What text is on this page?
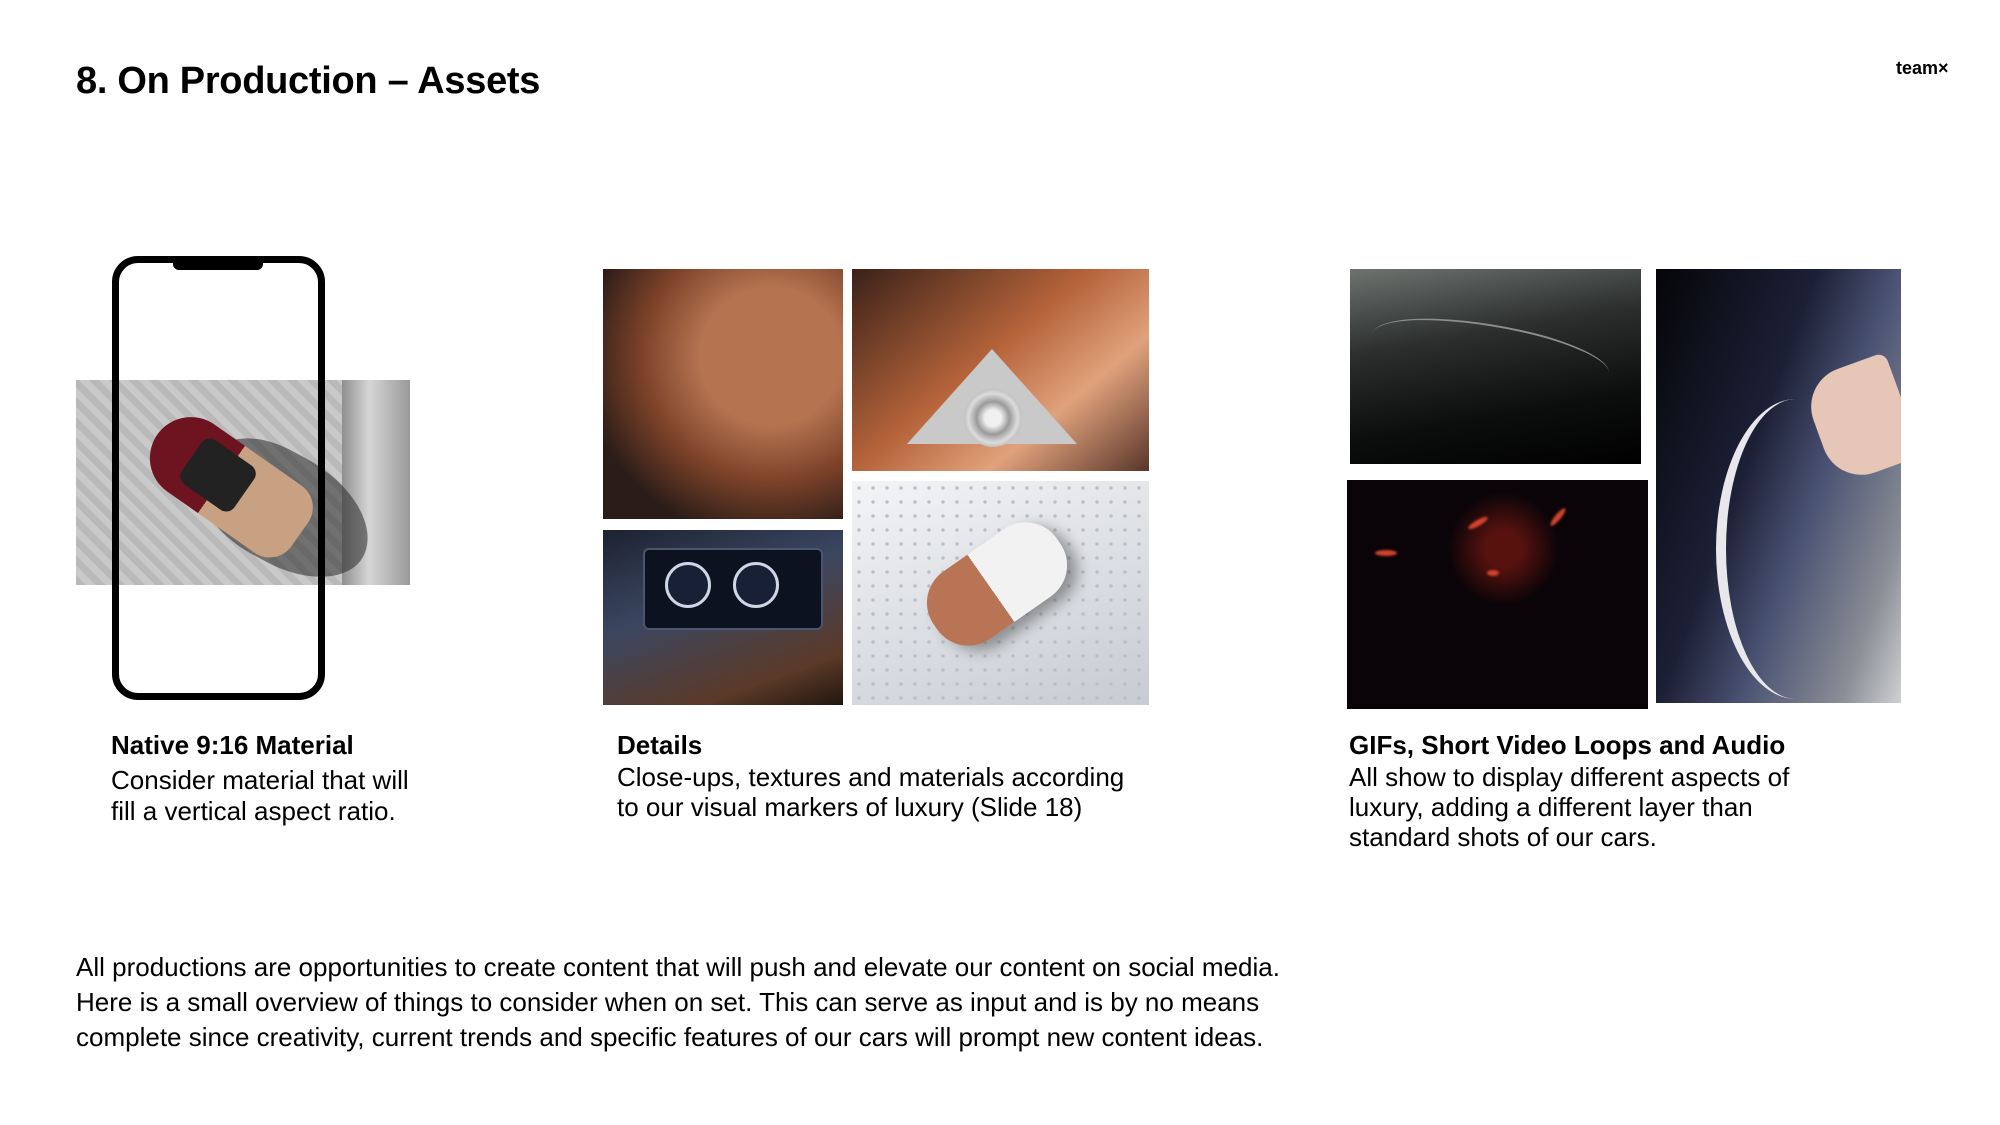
8. On Production – Assets	team×
Native 9:16 Material
Consider material that will
fill a vertical aspect ratio.
Details
Close-ups, textures and materials according
to our visual markers of luxury (Slide 18)
GIFs, Short Video Loops and Audio
All show to display different aspects of
luxury, adding a different layer than
standard shots of our cars.
All productions are opportunities to create content that will push and elevate our content on social media.
Here is a small overview of things to consider when on set. This can serve as input and is by no means
complete since creativity, current trends and specific features of our cars will prompt new content ideas.
